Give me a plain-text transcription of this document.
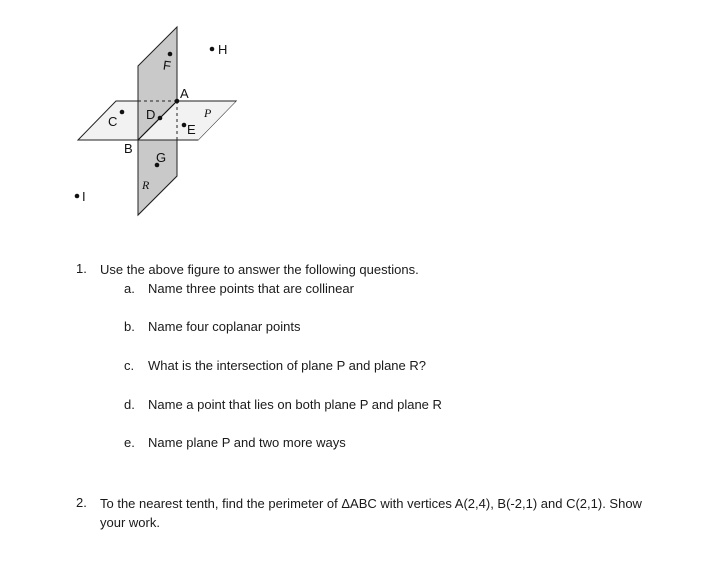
A
B
C D
E
F
G
H
I
P
R
1. Use the above figure to answer the following questions.
a. Name three points that are collinear
b. Name four coplanar points
c. What is the intersection of plane P and plane R?
d. Name a point that lies on both plane P and plane R
e. Name plane P and two more ways
2. To the nearest tenth, find the perimeter of ΔABC with vertices A(2,4), B(-2,1) and C(2,1). Show
your work.
